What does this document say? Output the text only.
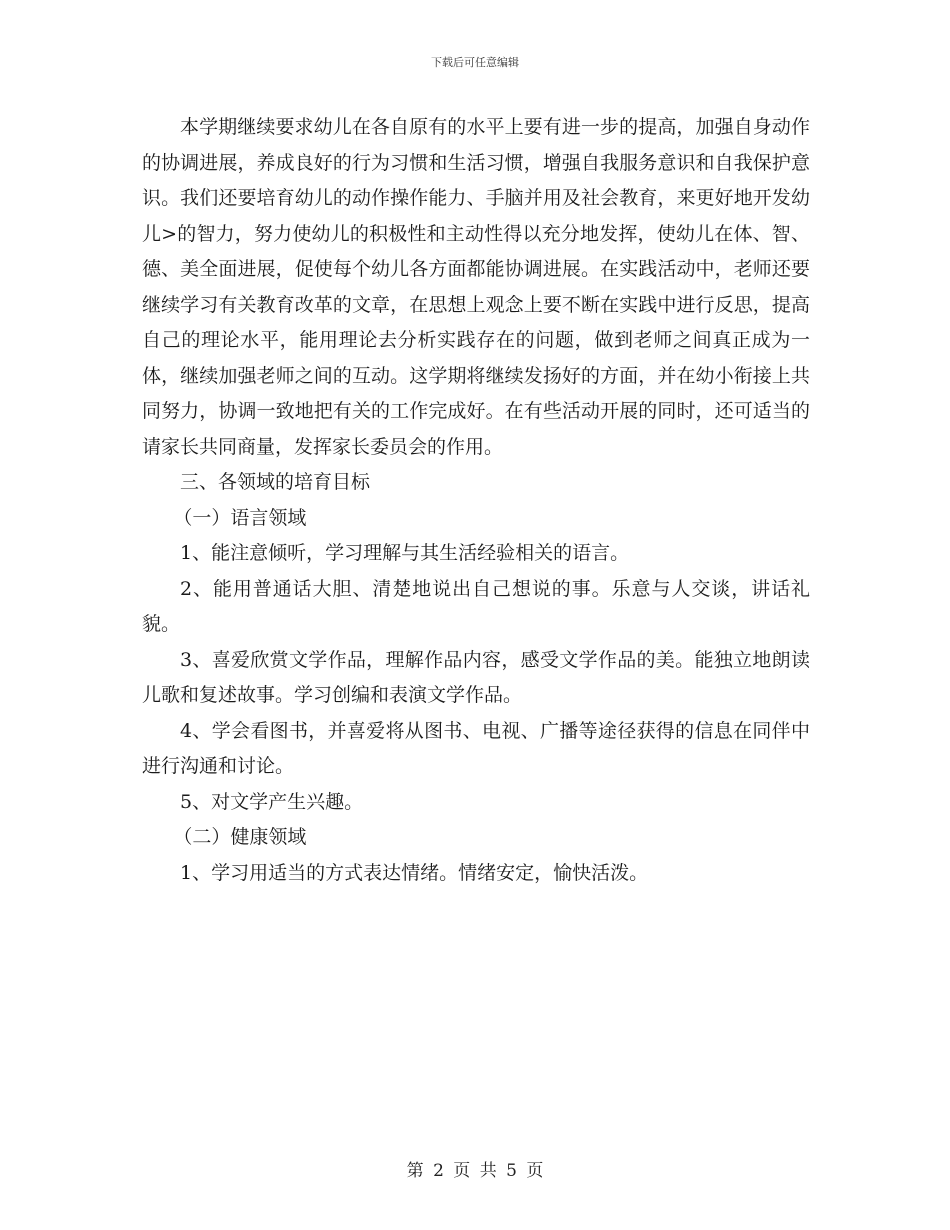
下载后可任意编辑

本学期继续要求幼儿在各自原有的水平上要有进一步的提高，加强自身动作的协调进展，养成良好的行为习惯和生活习惯，增强自我服务意识和自我保护意识。我们还要培育幼儿的动作操作能力、手脑并用及社会教育，来更好地开发幼儿>的智力，努力使幼儿的积极性和主动性得以充分地发挥，使幼儿在体、智、德、美全面进展，促使每个幼儿各方面都能协调进展。在实践活动中，老师还要继续学习有关教育改革的文章，在思想上观念上要不断在实践中进行反思，提高自己的理论水平，能用理论去分析实践存在的问题，做到老师之间真正成为一体，继续加强老师之间的互动。这学期将继续发扬好的方面，并在幼小衔接上共同努力，协调一致地把有关的工作完成好。在有些活动开展的同时，还可适当的请家长共同商量，发挥家长委员会的作用。

三、各领域的培育目标

（一）语言领域

1、能注意倾听，学习理解与其生活经验相关的语言。

2、能用普通话大胆、清楚地说出自己想说的事。乐意与人交谈，讲话礼貌。

3、喜爱欣赏文学作品，理解作品内容，感受文学作品的美。能独立地朗读儿歌和复述故事。学习创编和表演文学作品。

4、学会看图书，并喜爱将从图书、电视、广播等途径获得的信息在同伴中进行沟通和讨论。

5、对文学产生兴趣。

（二）健康领域

1、学习用适当的方式表达情绪。情绪安定，愉快活泼。

第 2 页 共 5 页
